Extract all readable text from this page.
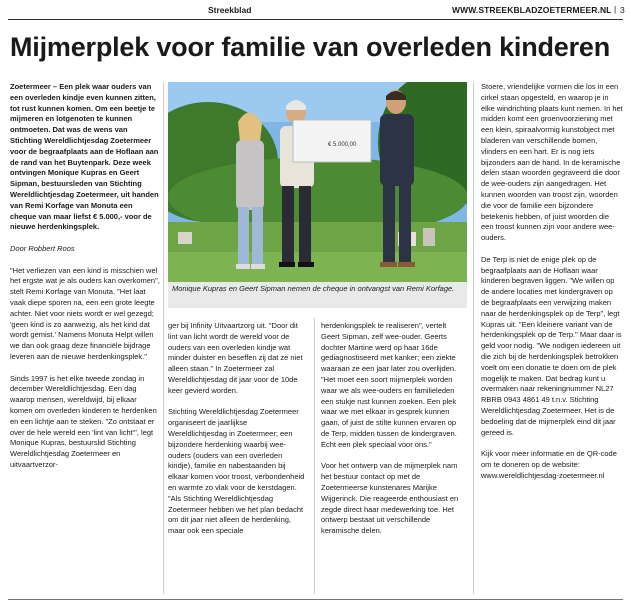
Streekblad	WWW.STREEKBLADZOETERMEER.NL | 3
Mijmerplek voor familie van overleden kinderen

Zoetermeer – Een plek waar ouders van een overleden kindje even kunnen zitten, tot rust kunnen komen. Om een beetje te mijmeren en lotgenoten te kunnen ontmoeten. Dat was de wens van Stichting Wereldlichtjesdag Zoetermeer voor de begraafplaats aan de Hoflaan aan de rand van het Buytenpark. Deze week ontvingen Monique Kupras en Geert Sipman, bestuursleden van Stichting Wereldlichtjesdag Zoetermeer, uit handen van Remi Korfage van Monuta een cheque van maar liefst € 5.000,- voor de nieuwe herdenkingsplek.

Door Robbert Roos

"Het verliezen van een kind is misschien wel het ergste wat je als ouders kan overkomen", stelt Remi Korfage van Monuta. "Het laat vaak diepe sporen na, een een grote leegte achter. Niet voor niets wordt er wel gezegd; 'geen kind is zo aanwezig, als het kind dat wordt gemist.' Namens Monuta Helpt willen we dan ook graag deze financiële bijdrage leveren aan de nieuwe herdenkingsplek."

Sinds 1997 is het elke tweede zondag in december Wereldlichtjesdag. Een dag waarop mensen, wereldwijd, bij elkaar komen om overleden kinderen te herdenken en een lichtje aan te steken. "Zo ontstaat er over de hele wereld een 'lint van licht'", legt Monique Kupras, bestuurslid Stichting Wereldlichtjesdag Zoetermeer en uitvaartverzor-

€ 5.000,00
Monique Kupras en Geert Sipman nemen de cheque in ontvangst van Remi Korfage.

ger bij Infinity Uitvaartzorg uit. "Door dit lint van licht wordt de wereld voor de ouders van een overleden kindje wat minder duister en beseffen zij dat ze niet alleen staan." In Zoetermeer zal Wereldlichtjesdag dit jaar voor de 10de keer gevierd worden.

Stichting Wereldlichtjesdag Zoetermeer organiseert de jaarlijkse Wereldlichtjesdag in Zoetermeer; een bijzondere herdenking waarbij wee-ouders (ouders van een overleden kindje), familie en nabestaanden bij elkaar komen voor troost, verbondenheid en warmte zo vlak voor de kerstdagen. "Als Stichting Wereldlichtjesdag Zoetermeer hebben we het plan bedacht om dit jaar niet alleen de herdenking, maar ook een speciale

herdenkingsplek te realiseren", vertelt Geert Sipman, zelf wee-ouder. Geerts dochter Martine werd op haar 16de gediagnostiseerd met kanker; een ziekte waaraan ze een jaar later zou overlijden. "Het moet een soort mijmerplek worden waar we als wee-ouders en familieleden een stukje rust kunnen zoeken. Een plek waar we met elkaar in gesprek kunnen gaan, of juist de stilte kunnen ervaren op de Terp, midden tussen de kindergraven. Echt een plek speciaal voor ons."

Voor het ontwerp van de mijmerplek nam het bestuur contact op met de Zoetermeerse kunstenares Marijke Wijgerinck. Die reageerde enthousiast en zegde direct haar medewerking toe. Het ontwerp bestaat uit verschillende keramische delen.

Stoere, vriendelijke vormen die los in een cirkel staan opgesteld, en waarop je in elke windrichting plaats kunt nemen. In het midden komt een groenvoorziening met een klein, spiraalvormig kunstobject met bladeren van verschillende bomen, vlinders en een hart. Er is nog iets bijzonders aan de hand. In de keramische delen staan woorden gegraveerd die door de wee-ouders zijn aangedragen. Het kunnen woorden van troost zijn, woorden die voor de familie een bijzondere betekenis hebben, of juist woorden die een troost kunnen zijn voor andere wee-ouders.

De Terp is niet de enige plek op de begraafplaats aan de Hoflaan waar kinderen begraven liggen. "We willen op de andere locaties met kindergraven op de begraafplaats een verwijzing maken naar de herdenkingsplek op de Terp", legt Kupras uit. "Een kleinere variant van de herdenkingsplek op de Terp." Maar daar is geld voor nodig. "We nodigen iedereen uit die zich bij de herdenkingsplek betrokken voelt om een donatie te doen om de plek mogelijk te maken. Dat bedrag kunt u overmaken naar rekeningnummer NL27 RBRB 0943 4861 49 t.n.v. Stichting Wereldlichtjesdag Zoetermeer. Het is de bedoeling dat de mijmerplek eind dit jaar gereed is.

Kijk voor meer informatie en de QR-code om te doneren op de website: www.wereldlichtjesdag-zoetermeer.nl
